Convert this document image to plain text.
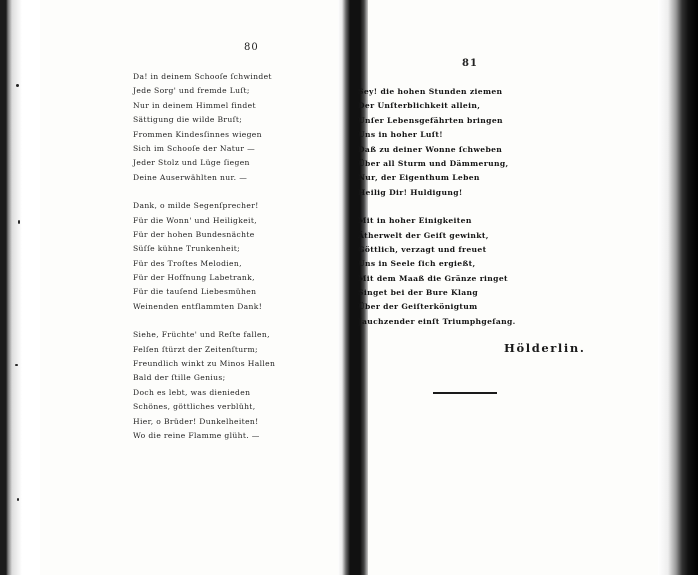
80
Da! in deinem Schooſe ſchwindet
Jede Sorg' und fremde Luſt;
Nur in deinem Himmel findet
Sättigung die wilde Bruſt;
Frommen Kindesſinnes wiegen
Sich im Schooſe der Natur —
Jeder Stolz und Lüge ſiegen
Deine Auserwählten nur. —
Dank, o milde Segenſprecher!
Für die Wonn' und Heiligkeit,
Für der hohen Bundesnächte
Süſſe kühne Trunkenheit;
Für des Troſtes Melodien,
Für der Hoffnung Labetrank,
Für die tauſend Liebesmühen
Weinenden entflammten Dank!
Siehe, Früchte' und Reſte fallen,
Felſen ſtürzt der Zeitenſturm;
Freundlich winkt zu Minos Hallen
Bald der ſtille Genius;
Doch es lebt, was dienieden
Schönes, göttliches verblüht,
Hier, o Brüder! Dunkelheiten!
Wo die reine Flamme glüht. —
81
Sey! die hohen Stunden ziemen
Der Unſterblichkeit allein,
Unſer Lebensgefährten bringen
Uns in hoher Luſt!
Daß zu deiner Wonne ſchweben
Über all Sturm und Dämmerung,
Nur, der Eigenthum Leben
Heilig Dir! Huldigung!
Mit in hoher Einigkeiten
Ätherwelt der Geiſt gewinkt,
Göttlich, verzagt und freuet
Uns in Seele ſich ergießt,
Mit dem Maaß die Gränze ringet
Singet bei der Bure Klang
Über der Geiſterkönigtum
Jauchzender einſt Triumphgeſang.
Hölderlin.
